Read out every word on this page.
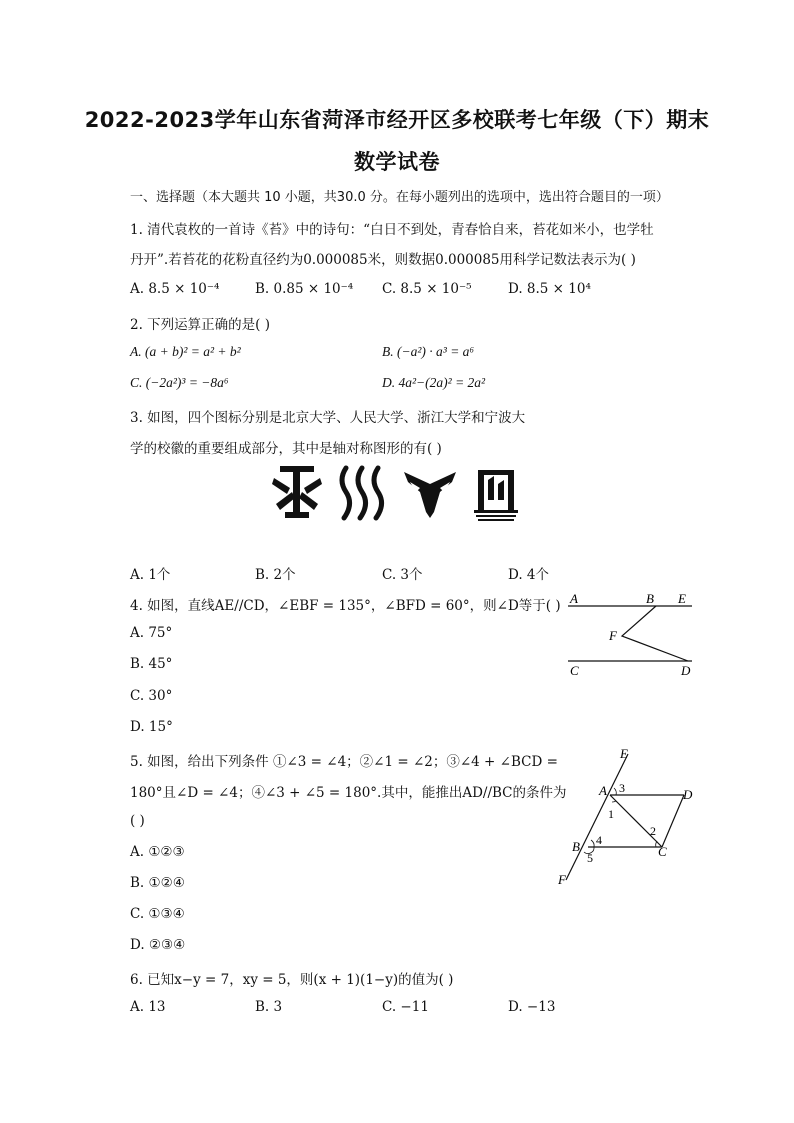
2022-2023学年山东省菏泽市经开区多校联考七年级（下）期末
数学试卷
一、选择题（本大题共 10 小题，共30.0 分。在每小题列出的选项中，选出符合题目的一项）
1. 清代袁枚的一首诗《苔》中的诗句：“白日不到处，青春恰自来，苔花如米小，也学牡
丹开”.若苔花的花粉直径约为0.000085米，则数据0.000085用科学记数法表示为( )
A. 8.5 × 10⁻⁴	B. 0.85 × 10⁻⁴ C. 8.5 × 10⁻⁵	D. 8.5 × 10⁴
2. 下列运算正确的是( )
A. (a + b)² = a² + b²	B. (−a²) · a³ = a⁶
C. (−2a²)³ = −8a⁶	D. 4a²−(2a)² = 2a²
3. 如图，四个图标分别是北京大学、人民大学、浙江大学和宁波大
学的校徽的重要组成部分，其中是轴对称图形的有( )
A. 1个	B. 2个	C. 3个	D. 4个
4. 如图，直线AE//CD，∠EBF = 135°，∠BFD = 60°，则∠D等于( )
A. 75°
B. 45°
C. 30°
D. 15°
A	B E
F
C	D
5. 如图，给出下列条件 ①∠3 = ∠4；②∠1 = ∠2；③∠4 + ∠BCD =
180°且∠D = ∠4；④∠3 + ∠5 = 180°.其中，能推出AD//BC的条件为
( )
A. ①②③
B. ①②④
C. ①③④
D. ②③④
E
A	D
B	C
F
1
2
3
4
5
6. 已知x−y = 7，xy = 5，则(x + 1)(1−y)的值为( )
A. 13	B. 3	C. −11	D. −13
